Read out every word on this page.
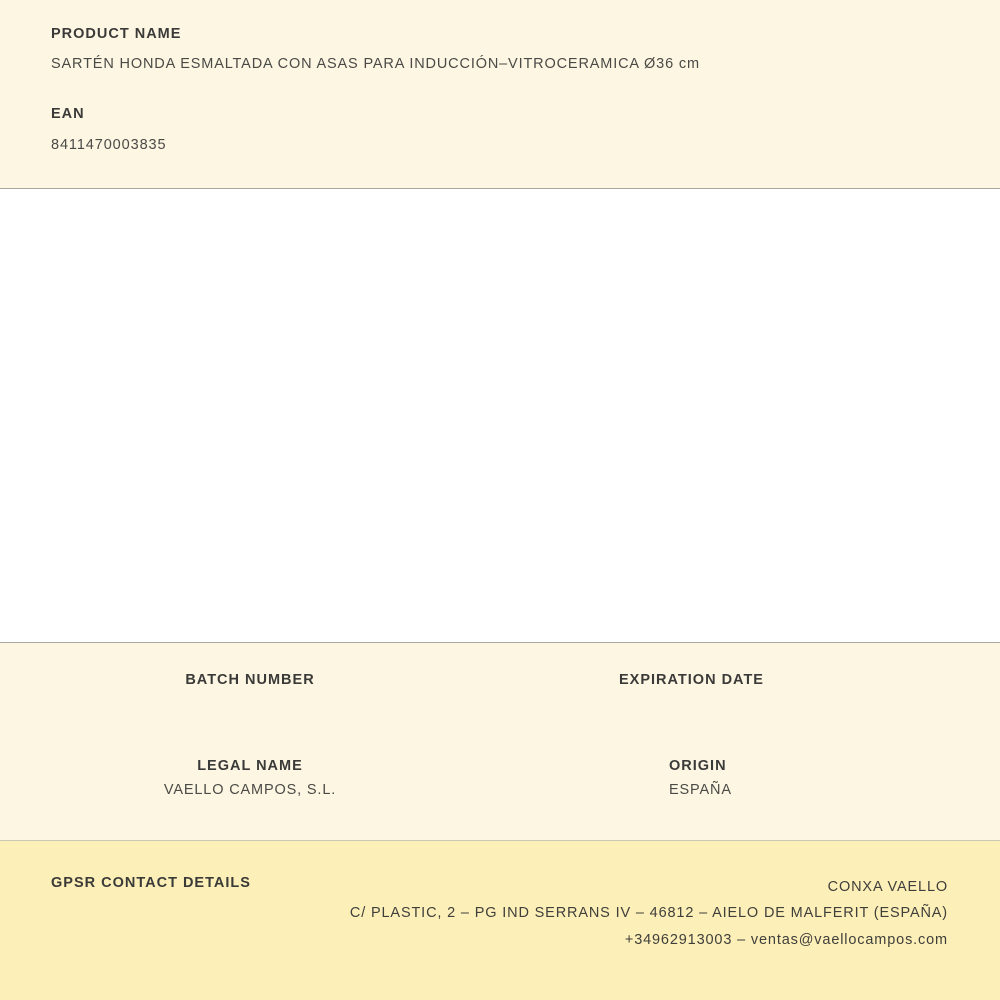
PRODUCT NAME
SARTÉN HONDA ESMALTADA CON ASAS PARA INDUCCIÓN–VITROCERAMICA Ø36 cm
EAN
8411470003835
BATCH NUMBER	EXPIRATION DATE
LEGAL NAME
VAELLO CAMPOS, S.L.
ORIGIN
ESPAÑA
GPSR CONTACT DETAILS	CONXA VAELLO
C/ PLASTIC, 2 – PG IND SERRANS IV – 46812 – AIELO DE MALFERIT (ESPAÑA)
+34962913003 – ventas@vaellocampos.com
